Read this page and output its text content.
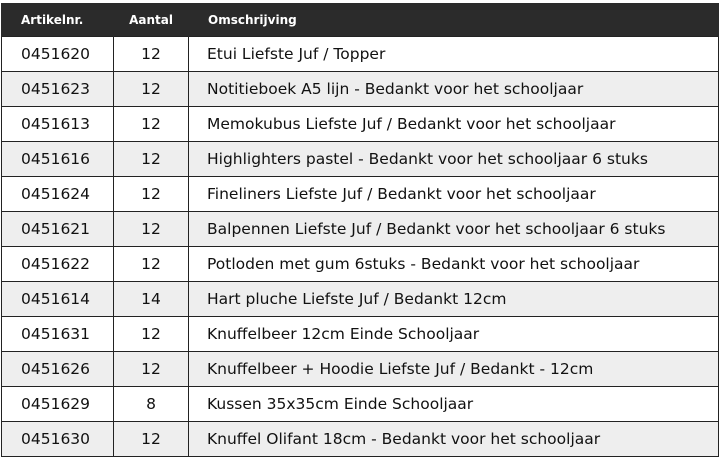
Artikelnr.	Aantal	Omschrijving
0451620	12	Etui Liefste Juf / Topper
0451623	12	Notitieboek A5 lijn - Bedankt voor het schooljaar
0451613	12	Memokubus Liefste Juf / Bedankt voor het schooljaar
0451616	12	Highlighters pastel - Bedankt voor het schooljaar 6 stuks
0451624	12	Fineliners Liefste Juf / Bedankt voor het schooljaar
0451621	12	Balpennen Liefste Juf / Bedankt voor het schooljaar 6 stuks
0451622	12	Potloden met gum 6stuks - Bedankt voor het schooljaar
0451614	14	Hart pluche Liefste Juf / Bedankt 12cm
0451631	12	Knuffelbeer 12cm Einde Schooljaar
0451626	12	Knuffelbeer + Hoodie Liefste Juf / Bedankt - 12cm
0451629	8	Kussen 35x35cm Einde Schooljaar
0451630	12	Knuffel Olifant 18cm - Bedankt voor het schooljaar
